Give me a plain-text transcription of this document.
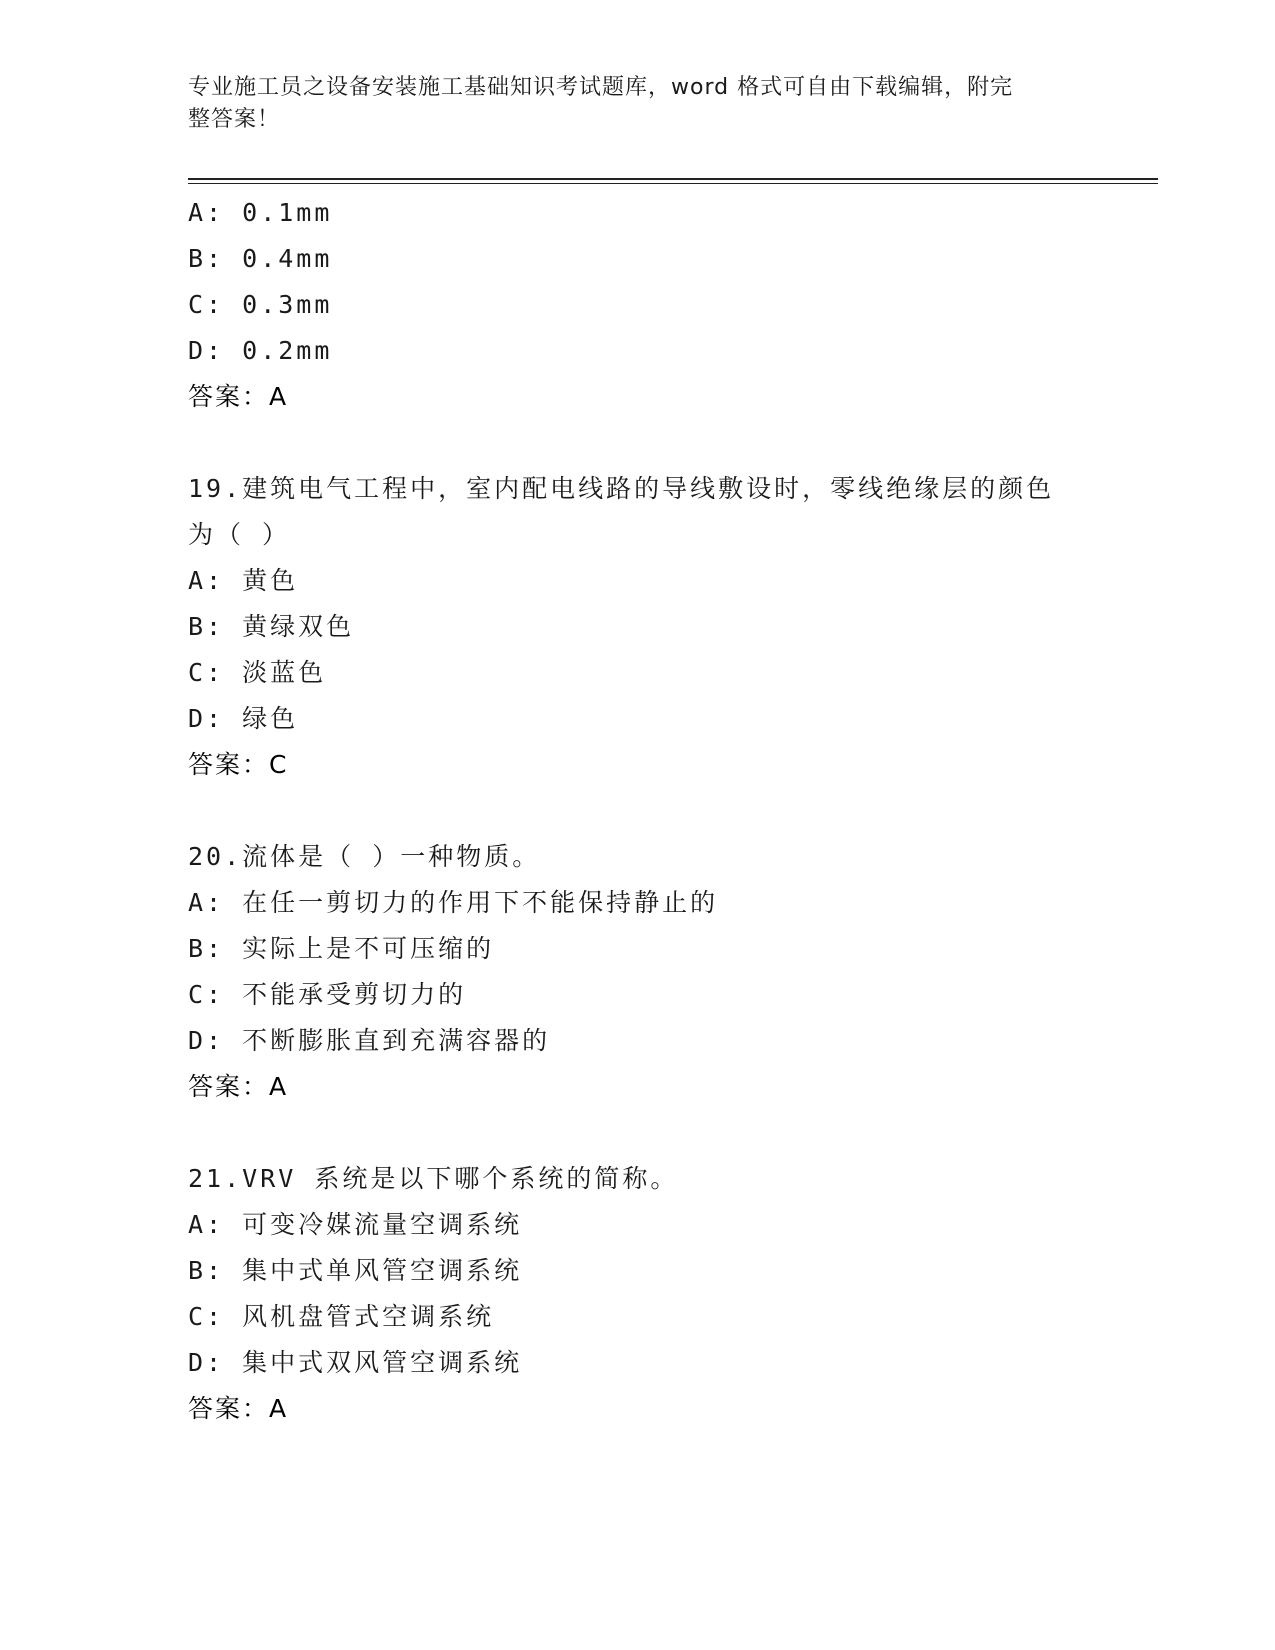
专业施工员之设备安装施工基础知识考试题库，word 格式可自由下载编辑，附完
整答案！
A: 0.1mm
B: 0.4mm
C: 0.3mm
D: 0.2mm
答案：A
19.建筑电气工程中，室内配电线路的导线敷设时，零线绝缘层的颜色
为（ ）
A: 黄色
B: 黄绿双色
C: 淡蓝色
D: 绿色
答案：C
20.流体是（ ）一种物质。
A: 在任一剪切力的作用下不能保持静止的
B: 实际上是不可压缩的
C: 不能承受剪切力的
D: 不断膨胀直到充满容器的
答案：A
21.VRV 系统是以下哪个系统的简称。
A: 可变冷媒流量空调系统
B: 集中式单风管空调系统
C: 风机盘管式空调系统
D: 集中式双风管空调系统
答案：A
